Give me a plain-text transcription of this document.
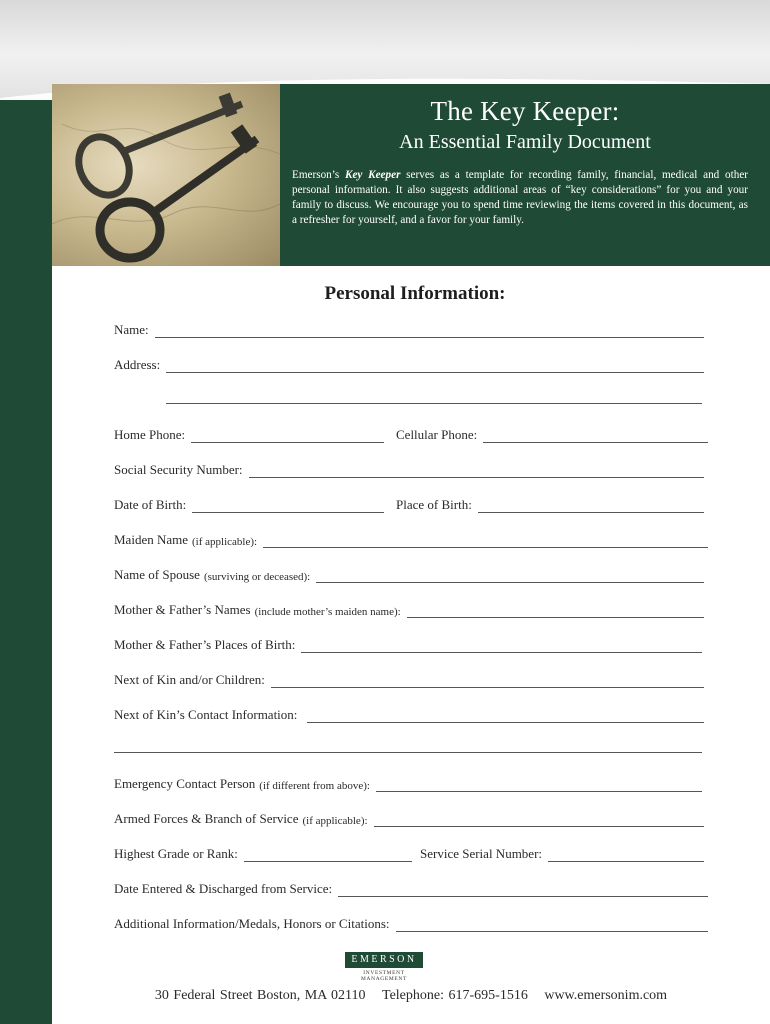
The Key Keeper:
An Essential Family Document
Emerson’s Key Keeper serves as a template for recording family, financial, medical and other personal information. It also suggests additional areas of “key considerations” for you and your family to discuss. We encourage you to spend time reviewing the items covered in this document, as a refresher for yourself, and a favor for your family.
Personal Information:
Name:
Address:
Home Phone:	Cellular Phone:
Social Security Number:
Date of Birth:	Place of Birth:
Maiden Name (if applicable):
Name of Spouse (surviving or deceased):
Mother & Father’s Names (include mother’s maiden name):
Mother & Father’s Places of Birth:
Next of Kin and/or Children:
Next of Kin’s Contact Information:
Emergency Contact Person (if different from above):
Armed Forces & Branch of Service (if applicable):
Highest Grade or Rank:	Service Serial Number:
Date Entered & Discharged from Service:
Additional Information/Medals, Honors or Citations:
EMERSON
INVESTMENT MANAGEMENT
30 Federal Street Boston, MA 02110 Telephone: 617-695-1516 www.emersonim.com
